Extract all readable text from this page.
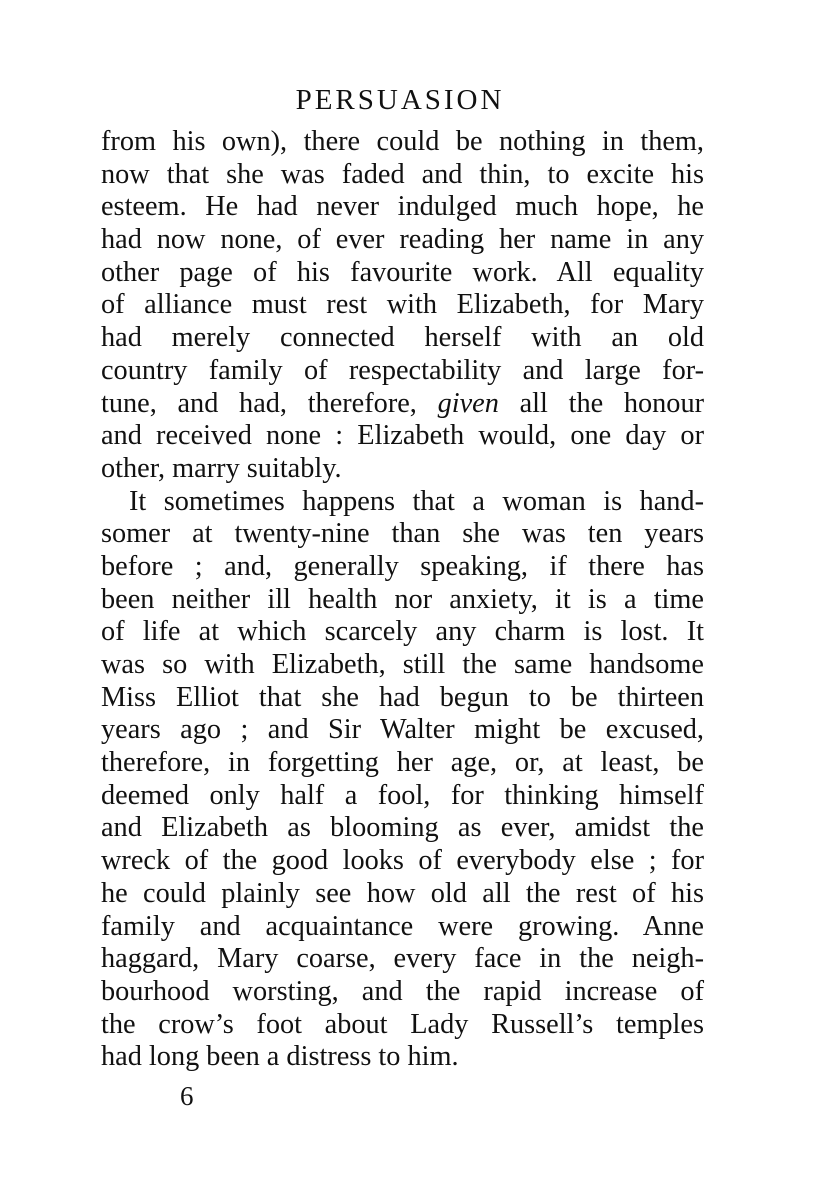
PERSUASION
from his own), there could be nothing in them,
now that she was faded and thin, to excite his
esteem. He had never indulged much hope, he
had now none, of ever reading her name in any
other page of his favourite work. All equality
of alliance must rest with Elizabeth, for Mary
had merely connected herself with an old
country family of respectability and large for-
tune, and had, therefore, given all the honour
and received none : Elizabeth would, one day or
other, marry suitably.
It sometimes happens that a woman is hand-
somer at twenty-nine than she was ten years
before ; and, generally speaking, if there has
been neither ill health nor anxiety, it is a time
of life at which scarcely any charm is lost. It
was so with Elizabeth, still the same handsome
Miss Elliot that she had begun to be thirteen
years ago ; and Sir Walter might be excused,
therefore, in forgetting her age, or, at least, be
deemed only half a fool, for thinking himself
and Elizabeth as blooming as ever, amidst the
wreck of the good looks of everybody else ; for
he could plainly see how old all the rest of his
family and acquaintance were growing. Anne
haggard, Mary coarse, every face in the neigh-
bourhood worsting, and the rapid increase of
the crow’s foot about Lady Russell’s temples
had long been a distress to him.
6
